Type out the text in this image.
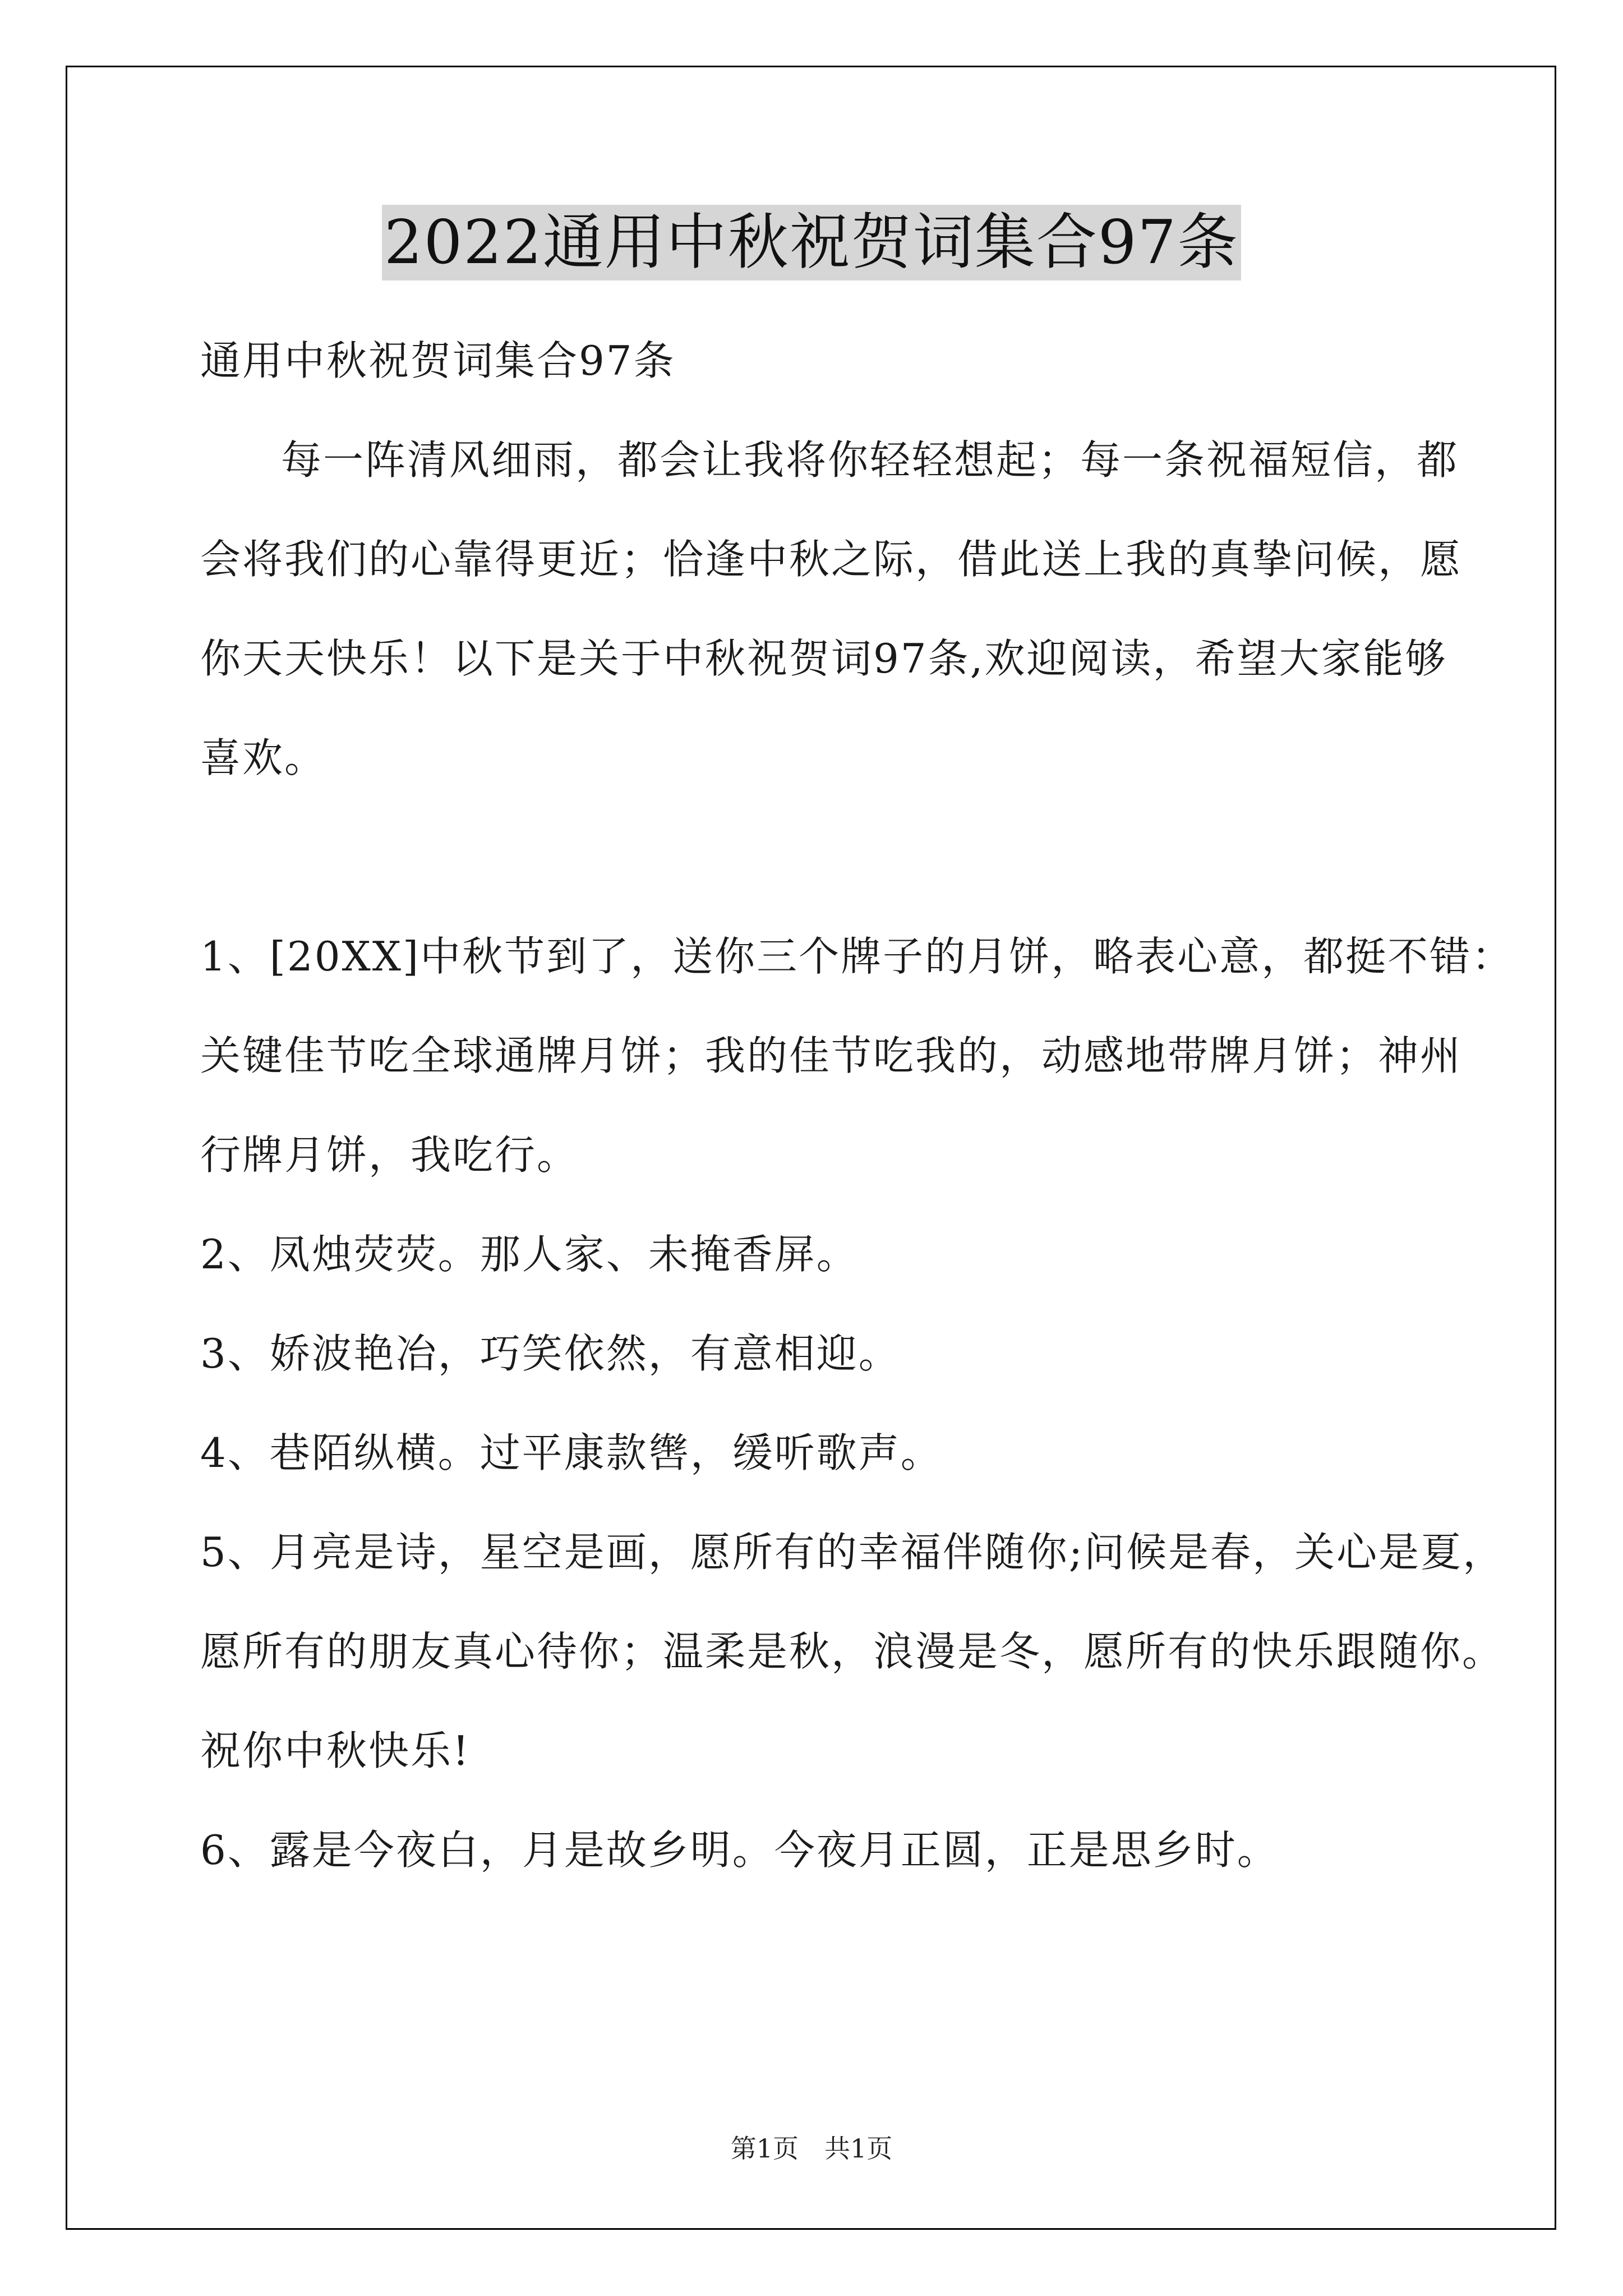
2022通用中秋祝贺词集合97条

通用中秋祝贺词集合97条

每一阵清风细雨，都会让我将你轻轻想起；每一条祝福短信，都

会将我们的心靠得更近；恰逢中秋之际，借此送上我的真挚问候，愿

你天天快乐！以下是关于中秋祝贺词97条,欢迎阅读，希望大家能够

喜欢。

1、[20XX]中秋节到了，送你三个牌子的月饼，略表心意，都挺不错：

关键佳节吃全球通牌月饼；我的佳节吃我的，动感地带牌月饼；神州

行牌月饼，我吃行。

2、凤烛荧荧。那人家、未掩香屏。

3、娇波艳冶，巧笑依然，有意相迎。

4、巷陌纵横。过平康款辔，缓听歌声。

5、月亮是诗，星空是画，愿所有的幸福伴随你;问候是春，关心是夏，

愿所有的朋友真心待你；温柔是秋，浪漫是冬，愿所有的快乐跟随你。

祝你中秋快乐!

6、露是今夜白，月是故乡明。今夜月正圆，正是思乡时。

第1页 共1页
